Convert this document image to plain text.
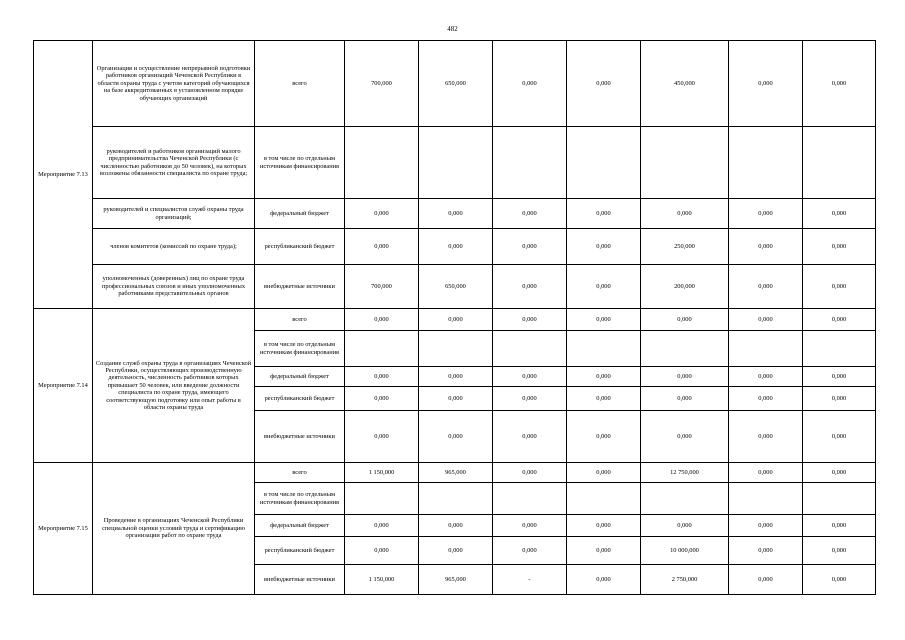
482
Мероприятие 7.13	Организация и осуществление непрерывной подготовки работников организаций Чеченской Республики в области охраны труда с учетом категорий обучающихся на базе аккредитованных в установленном порядке обучающих организаций	всего	700,000	650,000	0,000	0,000	450,000	0,000	0,000
	руководителей и работников организаций малого предпринимательства Чеченской Республики (с численностью работников до 50 человек), на которых возложены обязанности специалиста по охране труда;	в том числе по отдельным источникам финансирования							
	руководителей и специалистов служб охраны труда организаций;	федеральный бюджет	0,000	0,000	0,000	0,000	0,000	0,000	0,000
	членов комитетов (комиссий по охране труда);	республиканский бюджет	0,000	0,000	0,000	0,000	250,000	0,000	0,000
	уполномоченных (доверенных) лиц по охране труда профессиональных союзов и иных уполномоченных работниками представительных органов	внебюджетные источники	700,000	650,000	0,000	0,000	200,000	0,000	0,000
Мероприятие 7.14	Создание служб охраны труда в организациях Чеченской Республики, осуществляющих производственную деятельность, численность работников которых превышает 50 человек, или введение должности специалиста по охране труда, имеющего соответствующую подготовку или опыт работы в области охраны труда	всего	0,000	0,000	0,000	0,000	0,000	0,000	0,000
		в том числе по отдельным источникам финансирования							
		федеральный бюджет	0,000	0,000	0,000	0,000	0,000	0,000	0,000
		республиканский бюджет	0,000	0,000	0,000	0,000	0,000	0,000	0,000
		внебюджетные источники	0,000	0,000	0,000	0,000	0,000	0,000	0,000
Мероприятие 7.15	Проведение в организациях Чеченской Республики специальной оценки условий труда и сертификацию организации работ по охране труда	всего	1 150,000	965,000	0,000	0,000	12 750,000	0,000	0,000
		в том числе по отдельным источникам финансирования							
		федеральный бюджет	0,000	0,000	0,000	0,000	0,000	0,000	0,000
		республиканский бюджет	0,000	0,000	0,000	0,000	10 000,000	0,000	0,000
		внебюджетные источники	1 150,000	965,000	-	0,000	2 750,000	0,000	0,000
